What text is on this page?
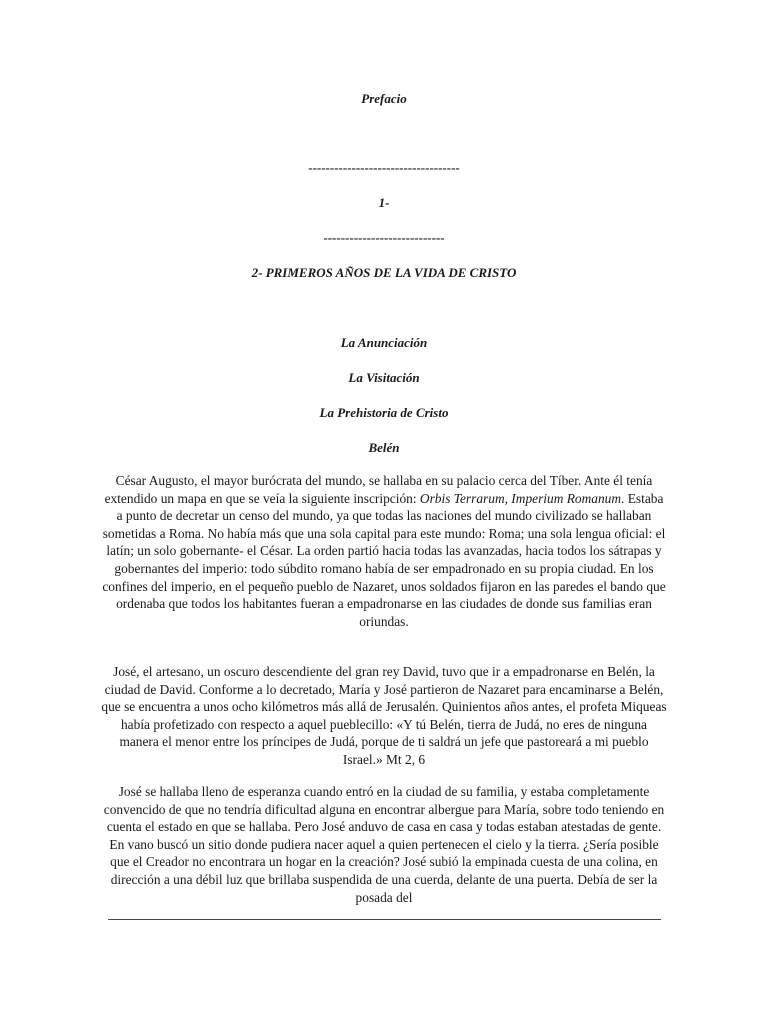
Prefacio

-----------------------------------

1-

----------------------------

2- PRIMEROS AÑOS DE LA VIDA DE CRISTO

La Anunciación

La Visitación

La Prehistoria de Cristo

Belén

César Augusto, el mayor burócrata del mundo, se hallaba en su palacio cerca del Tíber. Ante él tenía extendido un mapa en que se veía la siguiente inscripción: Orbis Terrarum, Imperium Romanum. Estaba a punto de decretar un censo del mundo, ya que todas las naciones del mundo civilizado se hallaban sometidas a Roma. No había más que una sola capital para este mundo: Roma; una sola lengua oficial: el latín; un solo gobernante- el César. La orden partió hacia todas las avanzadas, hacia todos los sátrapas y gobernantes del imperio: todo súbdito romano había de ser empadronado en su propia ciudad. En los confines del imperio, en el pequeño pueblo de Nazaret, unos soldados fijaron en las paredes el bando que ordenaba que todos los habitantes fueran a empadronarse en las ciudades de donde sus familias eran oriundas.

José, el artesano, un oscuro descendiente del gran rey David, tuvo que ir a empadronarse en Belén, la ciudad de David. Conforme a lo decretado, María y José partieron de Nazaret para encaminarse a Belén, que se encuentra a unos ocho kilómetros más allá de Jerusalén. Quinientos años antes, el profeta Miqueas había profetizado con respecto a aquel pueblecillo: «Y tú Belén, tierra de Judá, no eres de ninguna manera el menor entre los príncipes de Judá, porque de ti saldrá un jefe que pastoreará a mi pueblo Israel.» Mt 2, 6

José se hallaba lleno de esperanza cuando entró en la ciudad de su familia, y estaba completamente convencido de que no tendría dificultad alguna en encontrar albergue para María, sobre todo teniendo en cuenta el estado en que se hallaba. Pero José anduvo de casa en casa y todas estaban atestadas de gente. En vano buscó un sitio donde pudiera nacer aquel a quien pertenecen el cielo y la tierra. ¿Sería posible que el Creador no encontrara un hogar en la creación? José subió la empinada cuesta de una colina, en dirección a una débil luz que brillaba suspendida de una cuerda, delante de una puerta. Debía de ser la posada del
